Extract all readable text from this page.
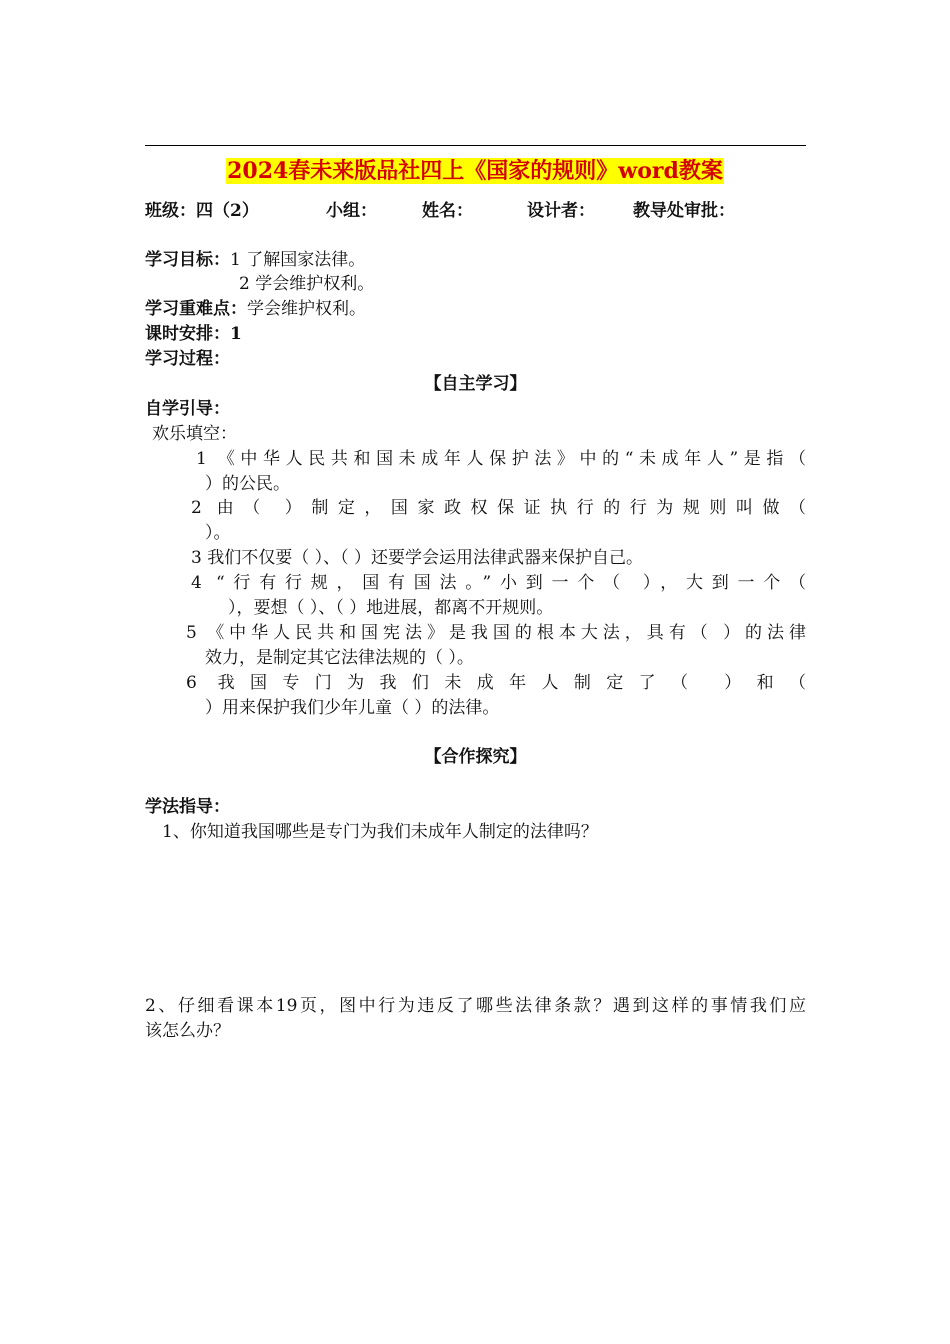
2024春未来版品社四上《国家的规则》word教案
班级：四（2）	小组：	姓名：	设计者： 教导处审批：
学习目标：1 了解国家法律。
2 学会维护权利。
学习重难点：学会维护权利。
课时安排：1
学习过程：
【自主学习】
自学引导：
欢乐填空：
1 《中华人民共和国未成年人保护法》中的“未成年人”是指（
）的公民。
2 由（ ）制定，国家政权保证执行的行为规则叫做（
）。
3 我们不仅要（ ）、（ ）还要学会运用法律武器来保护自己。
4 “行有行规，国有国法。”小到一个（ ），大到一个（
），要想（ ）、（ ）地进展，都离不开规则。
5 《中华人民共和国宪法》是我国的根本大法，具有（ ）的法律
效力，是制定其它法律法规的（ ）。
6 我国专门为我们未成年人制定了（ ）和（
）用来保护我们少年儿童（ ）的法律。
【合作探究】
学法指导：
1、你知道我国哪些是专门为我们未成年人制定的法律吗？
2、仔细看课本19页，图中行为违反了哪些法律条款？遇到这样的事情我们应
该怎么办？
